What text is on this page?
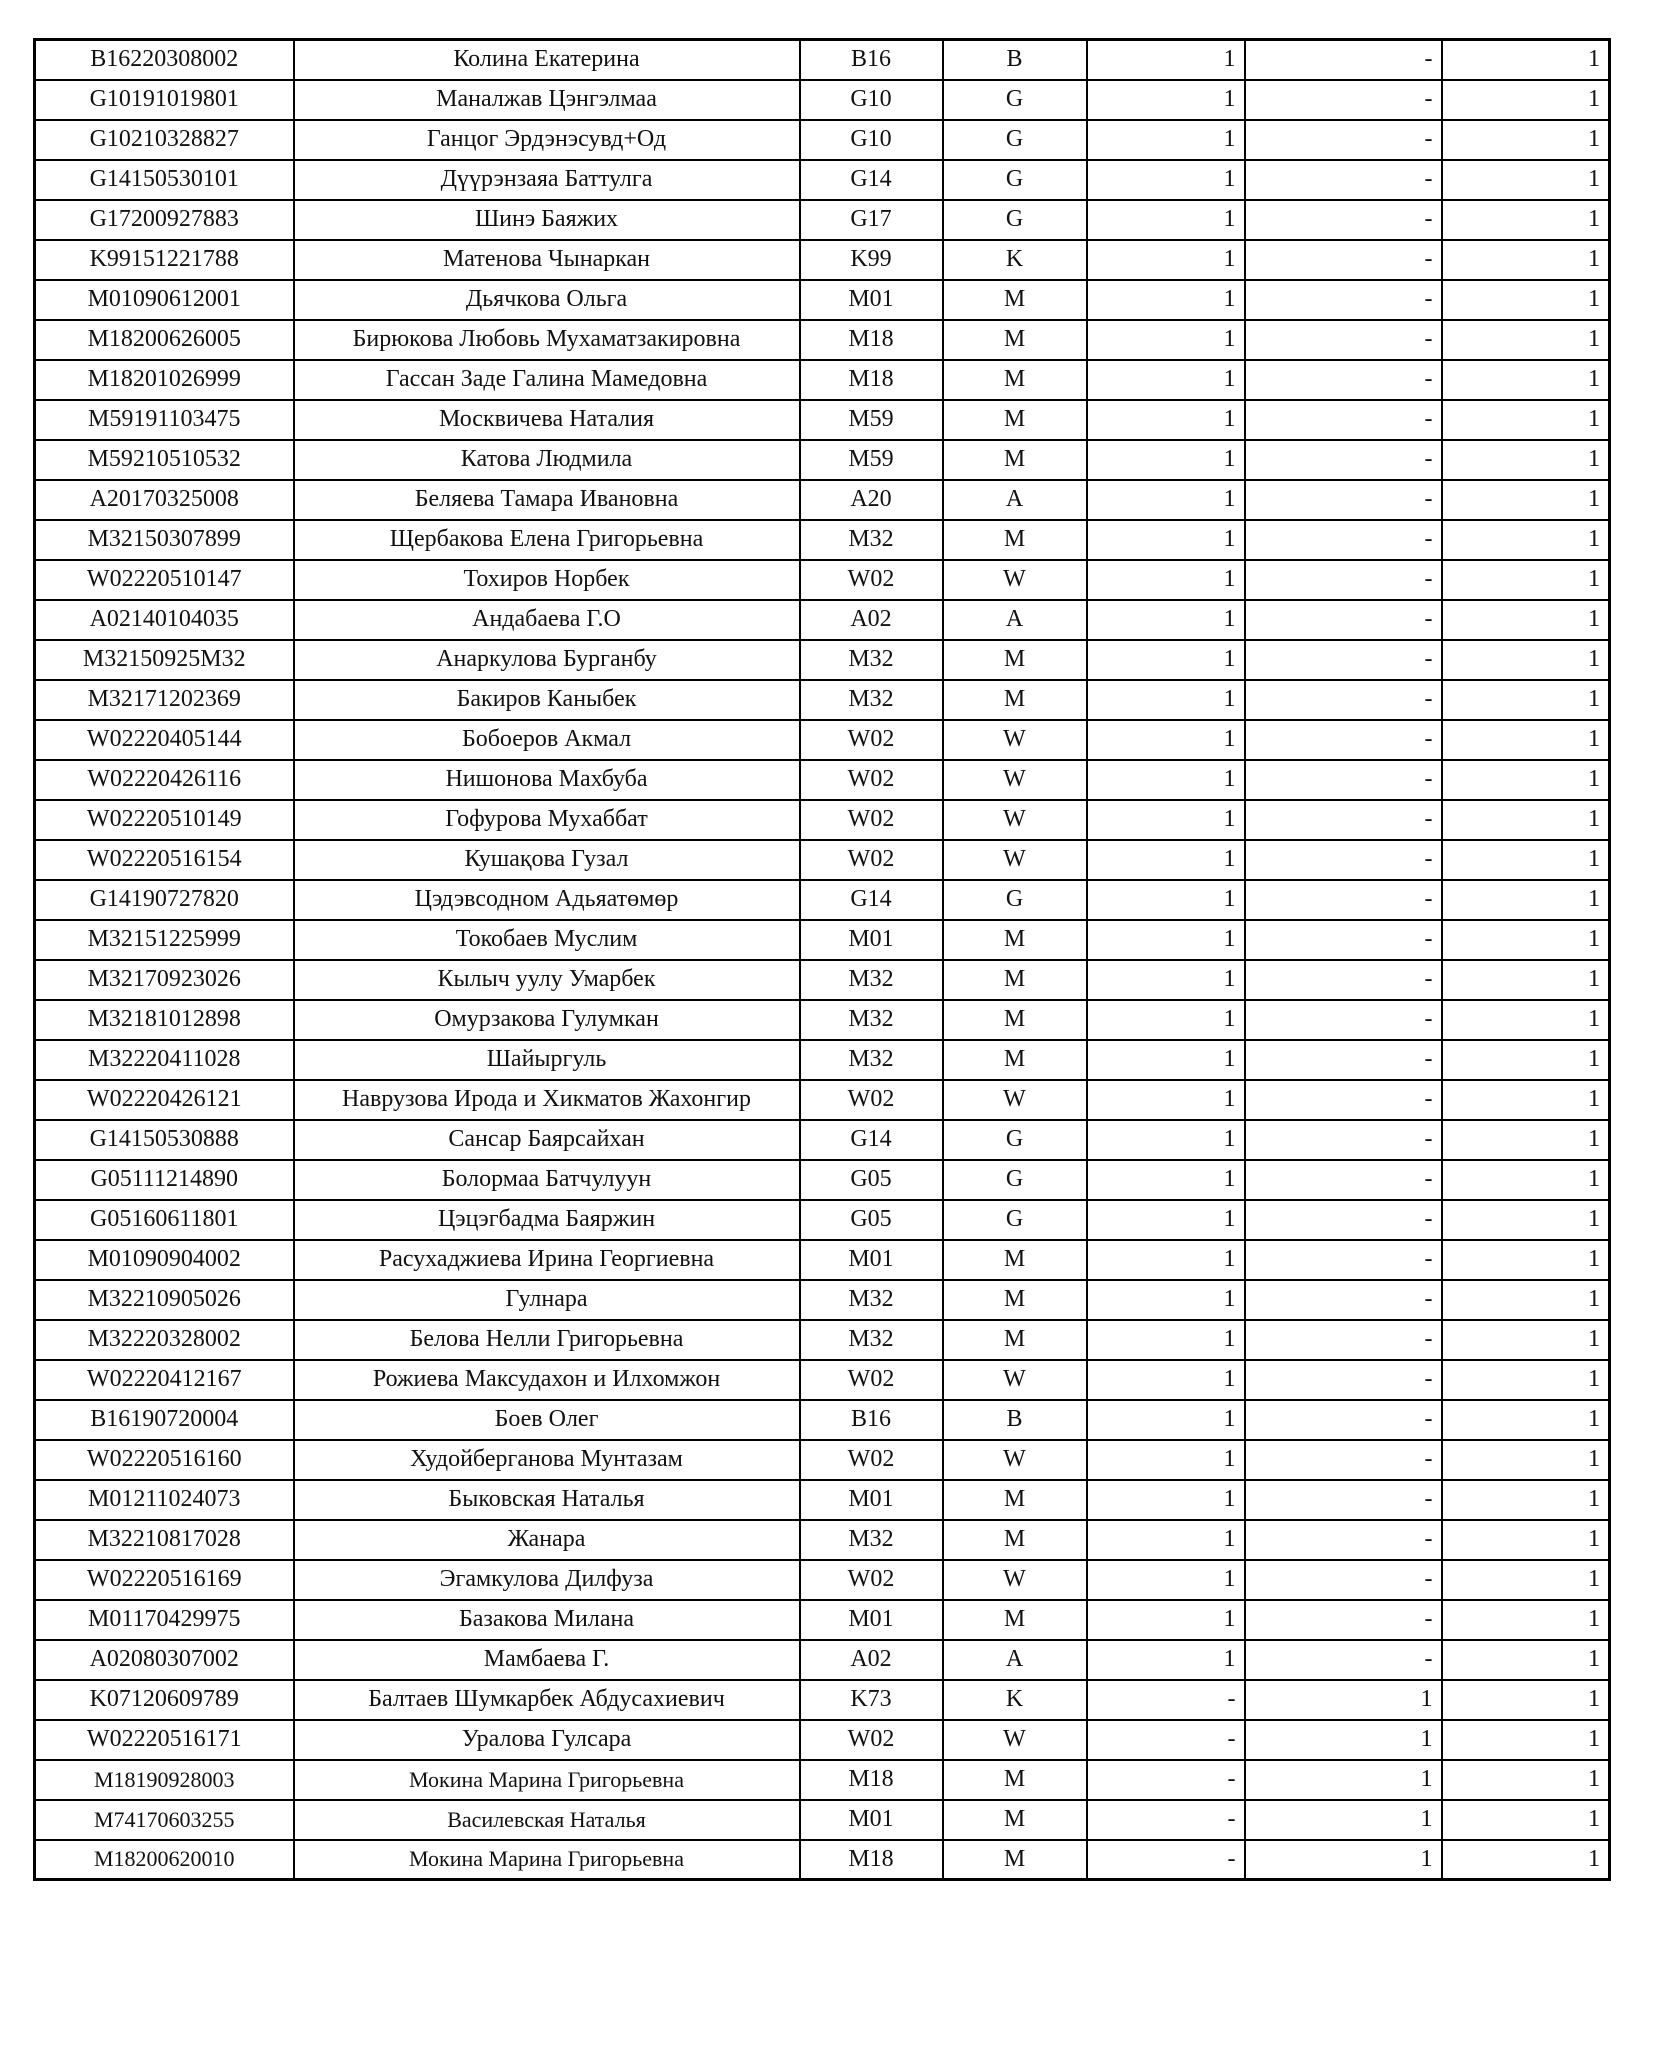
B16220308002	Колина Екатерина	B16	B	1	-	1
G10191019801	Маналжав Цэнгэлмаа	G10	G	1	-	1
G10210328827	Ганцог Эрдэнэсувд+Од	G10	G	1	-	1
G14150530101	Дүүрэнзаяа Баттулга	G14	G	1	-	1
G17200927883	Шинэ Баяжих	G17	G	1	-	1
K99151221788	Матенова Чынаркан	K99	K	1	-	1
M01090612001	Дьячкова Ольга	M01	M	1	-	1
M18200626005	Бирюкова Любовь Мухаматзакировна	M18	M	1	-	1
M18201026999	Гассан Заде Галина Мамедовна	M18	M	1	-	1
M59191103475	Москвичева Наталия	M59	M	1	-	1
M59210510532	Катова Людмила	M59	M	1	-	1
A20170325008	Беляева Тамара Ивановна	A20	A	1	-	1
M32150307899	Щербакова Елена Григорьевна	M32	M	1	-	1
W02220510147	Тохиров Норбек	W02	W	1	-	1
A02140104035	Андабаева Г.О	A02	A	1	-	1
M32150925M32	Анаркулова Бурганбу	M32	M	1	-	1
M32171202369	Бакиров Каныбек	M32	M	1	-	1
W02220405144	Бобоеров Акмал	W02	W	1	-	1
W02220426116	Нишонова Махбуба	W02	W	1	-	1
W02220510149	Гофурова Мухаббат	W02	W	1	-	1
W02220516154	Кушақова Гузал	W02	W	1	-	1
G14190727820	Цэдэвсодном Адьяатөмөр	G14	G	1	-	1
M32151225999	Токобаев Муслим	M01	M	1	-	1
M32170923026	Кылыч уулу Умарбек	M32	M	1	-	1
M32181012898	Омурзакова Гулумкан	M32	M	1	-	1
M32220411028	Шайыргуль	M32	M	1	-	1
W02220426121	Наврузова Ирода и Хикматов Жахонгир	W02	W	1	-	1
G14150530888	Сансар Баярсайхан	G14	G	1	-	1
G05111214890	Болормаа Батчулуун	G05	G	1	-	1
G05160611801	Цэцэгбадма Баяржин	G05	G	1	-	1
M01090904002	Расухаджиева Ирина Георгиевна	M01	M	1	-	1
M32210905026	Гулнара	M32	M	1	-	1
M32220328002	Белова Нелли Григорьевна	M32	M	1	-	1
W02220412167	Рожиева Максудахон и Илхомжон	W02	W	1	-	1
B16190720004	Боев Олег	B16	B	1	-	1
W02220516160	Худойберганова Мунтазам	W02	W	1	-	1
M01211024073	Быковская Наталья	M01	M	1	-	1
M32210817028	Жанара	M32	M	1	-	1
W02220516169	Эгамкулова Дилфуза	W02	W	1	-	1
M01170429975	Базакова Милана	M01	M	1	-	1
A02080307002	Мамбаева Г.	A02	A	1	-	1
K07120609789	Балтаев Шумкарбек Абдусахиевич	K73	K	-	1	1
W02220516171	Уралова Гулсара	W02	W	-	1	1
M18190928003	Мокина Марина Григорьевна	M18	M	-	1	1
M74170603255	Василевская Наталья	M01	M	-	1	1
M18200620010	Мокина Марина Григорьевна	M18	M	-	1	1
